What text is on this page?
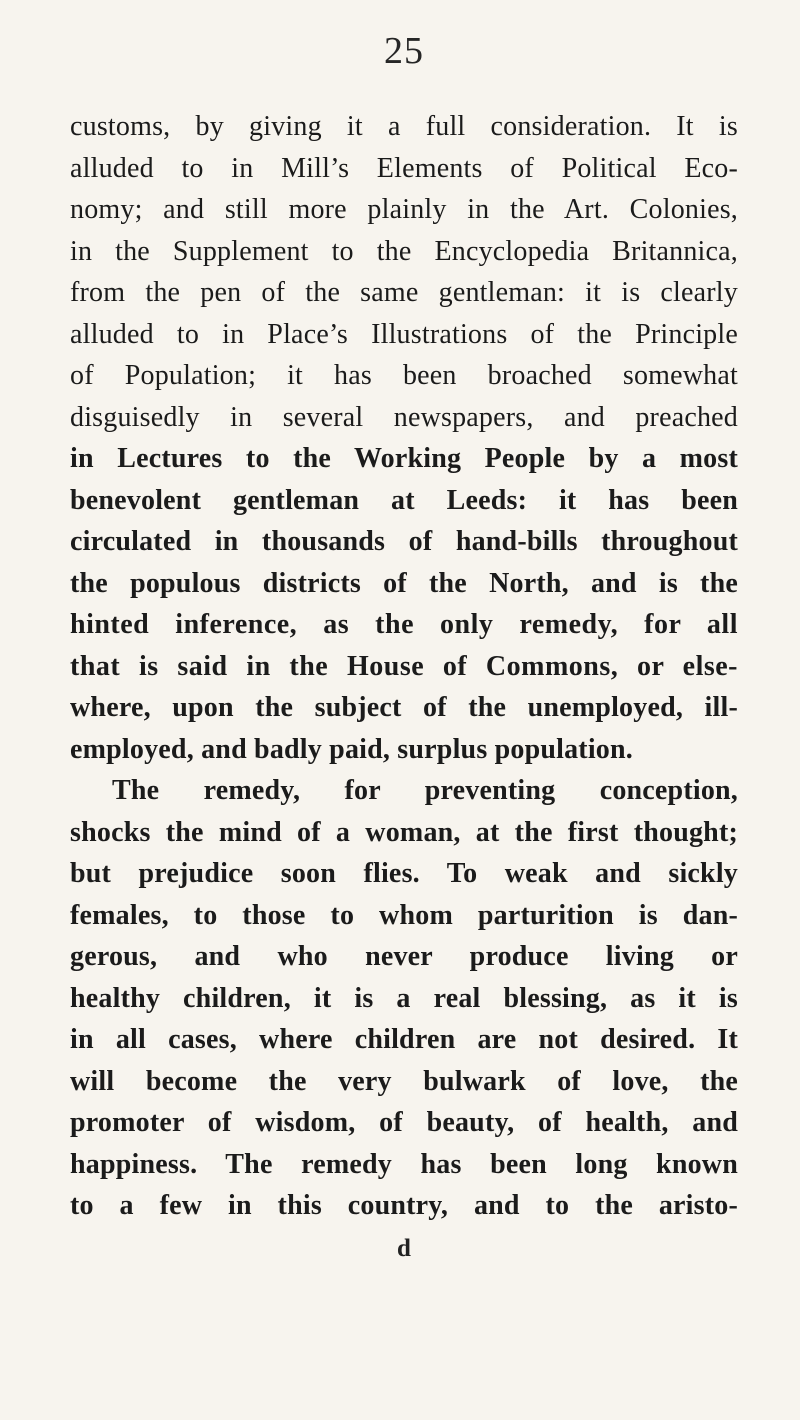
25
customs, by giving it a full consideration. It is
alluded to in Mill’s Elements of Political Eco-
nomy; and still more plainly in the Art. Colonies,
in the Supplement to the Encyclopedia Britannica,
from the pen of the same gentleman: it is clearly
alluded to in Place’s Illustrations of the Principle
of Population; it has been broached somewhat
disguisedly in several newspapers, and preached
in Lectures to the Working People by a most
benevolent gentleman at Leeds: it has been
circulated in thousands of hand-bills throughout
the populous districts of the North, and is the
hinted inference, as the only remedy, for all
that is said in the House of Commons, or else-
where, upon the subject of the unemployed, ill-
employed, and badly paid, surplus population.
The remedy, for preventing conception,
shocks the mind of a woman, at the first thought;
but prejudice soon flies. To weak and sickly
females, to those to whom parturition is dan-
gerous, and who never produce living or
healthy children, it is a real blessing, as it is
in all cases, where children are not desired. It
will become the very bulwark of love, the
promoter of wisdom, of beauty, of health, and
happiness. The remedy has been long known
to a few in this country, and to the aristo-
d
